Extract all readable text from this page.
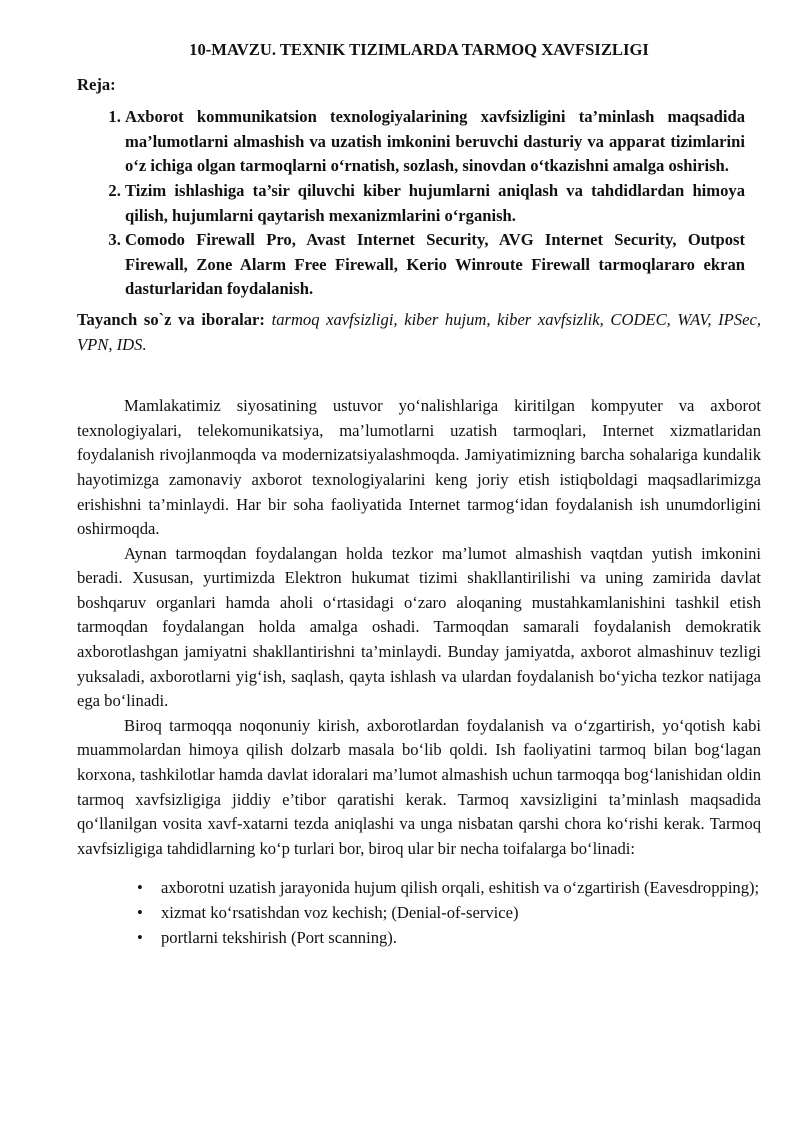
10-MAVZU. TEXNIK TIZIMLARDA TARMOQ XAVFSIZLIGI
Reja:
1. Axborot kommunikatsion texnologiyalarining xavfsizligini ta’minlash maqsadida ma’lumotlarni almashish va uzatish imkonini beruvchi dasturiy va apparat tizimlarini o‘z ichiga olgan tarmoqlarni o‘rnatish, sozlash, sinovdan o‘tkazishni amalga oshirish.
2. Tizim ishlashiga ta’sir qiluvchi kiber hujumlarni aniqlash va tahdidlardan himoya qilish, hujumlarni qaytarish mexanizmlarini o‘rganish.
3. Comodo Firewall Pro, Avast Internet Security, AVG Internet Security, Outpost Firewall, Zone Alarm Free Firewall, Kerio Winroute Firewall tarmoqlararo ekran dasturlaridan foydalanish.
Tayanch so`z va iboralar: tarmoq xavfsizligi, kiber hujum, kiber xavfsizlik, CODEC, WAV, IPSec, VPN, IDS.

Mamlakatimiz siyosatining ustuvor yo‘nalishlariga kiritilgan kompyuter va axborot texnologiyalari, telekomunikatsiya, ma’lumotlarni uzatish tarmoqlari, Internet xizmatlaridan foydalanish rivojlanmoqda va modernizatsiyalashmoqda. Jamiyatimizning barcha sohalariga kundalik hayotimizga zamonaviy axborot texnologiyalarini keng joriy etish istiqboldagi maqsadlarimizga erishishni ta’minlaydi. Har bir soha faoliyatida Internet tarmog‘idan foydalanish ish unumdorligini oshirmoqda.

Aynan tarmoqdan foydalangan holda tezkor ma’lumot almashish vaqtdan yutish imkonini beradi. Xususan, yurtimizda Elektron hukumat tizimi shakllantirilishi va uning zamirida davlat boshqaruv organlari hamda aholi o‘rtasidagi o‘zaro aloqaning mustahkamlanishini tashkil etish tarmoqdan foydalangan holda amalga oshadi. Tarmoqdan samarali foydalanish demokratik axborotlashgan jamiyatni shakllantirishni ta’minlaydi. Bunday jamiyatda, axborot almashinuv tezligi yuksaladi, axborotlarni yig‘ish, saqlash, qayta ishlash va ulardan foydalanish bo‘yicha tezkor natijaga ega bo‘linadi.

Biroq tarmoqqa noqonuniy kirish, axborotlardan foydalanish va o‘zgartirish, yo‘qotish kabi muammolardan himoya qilish dolzarb masala bo‘lib qoldi. Ish faoliyatini tarmoq bilan bog‘lagan korxona, tashkilotlar hamda davlat idoralari ma’lumot almashish uchun tarmoqqa bog‘lanishidan oldin tarmoq xavfsizligiga jiddiy e’tibor qaratishi kerak. Tarmoq xavsizligini ta’minlash maqsadida qo‘llanilgan vosita xavf-xatarni tezda aniqlashi va unga nisbatan qarshi chora ko‘rishi kerak. Tarmoq xavfsizligiga tahdidlarning ko‘p turlari bor, biroq ular bir necha toifalarga bo‘linadi:

• axborotni uzatish jarayonida hujum qilish orqali, eshitish va o‘zgartirish (Eavesdropping);
• xizmat ko‘rsatishdan voz kechish; (Denial-of-service)
• portlarni tekshirish (Port scanning).
